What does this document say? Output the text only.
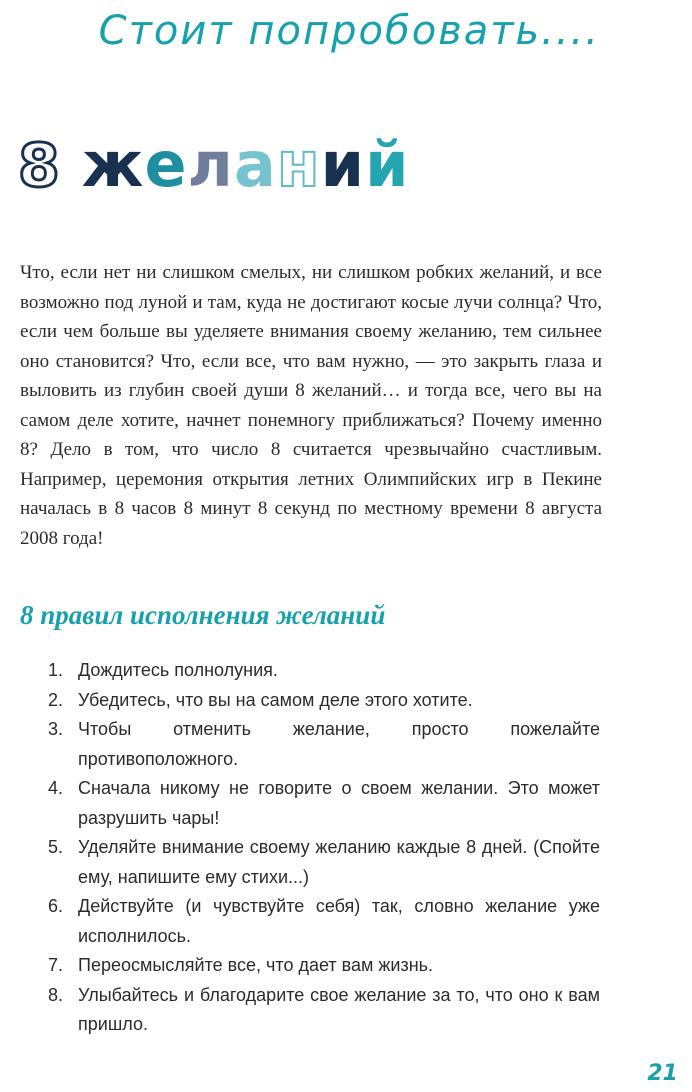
Стоит попробовать....
8 желаний

Что, если нет ни слишком смелых, ни слишком робких желаний, и все возможно под луной и там, куда не достигают косые лучи солнца? Что, если чем больше вы уделяете внимания своему желанию, тем сильнее оно становится? Что, если все, что вам нужно, — это закрыть глаза и выловить из глубин своей души 8 желаний… и тогда все, чего вы на самом деле хотите, начнет понемногу приближаться? Почему именно 8? Дело в том, что число 8 считается чрезвычайно счастливым. Например, церемония открытия летних Олимпийских игр в Пекине началась в 8 часов 8 минут 8 секунд по местному времени 8 августа 2008 года!

8 правил исполнения желаний
1. Дождитесь полнолуния.
2. Убедитесь, что вы на самом деле этого хотите.
3. Чтобы отменить желание, просто пожелайте противоположного.
4. Сначала никому не говорите о своем желании. Это может разрушить чары!
5. Уделяйте внимание своему желанию каждые 8 дней. (Спойте ему, напишите ему стихи...)
6. Действуйте (и чувствуйте себя) так, словно желание уже исполнилось.
7. Переосмысляйте все, что дает вам жизнь.
8. Улыбайтесь и благодарите свое желание за то, что оно к вам пришло.
21
